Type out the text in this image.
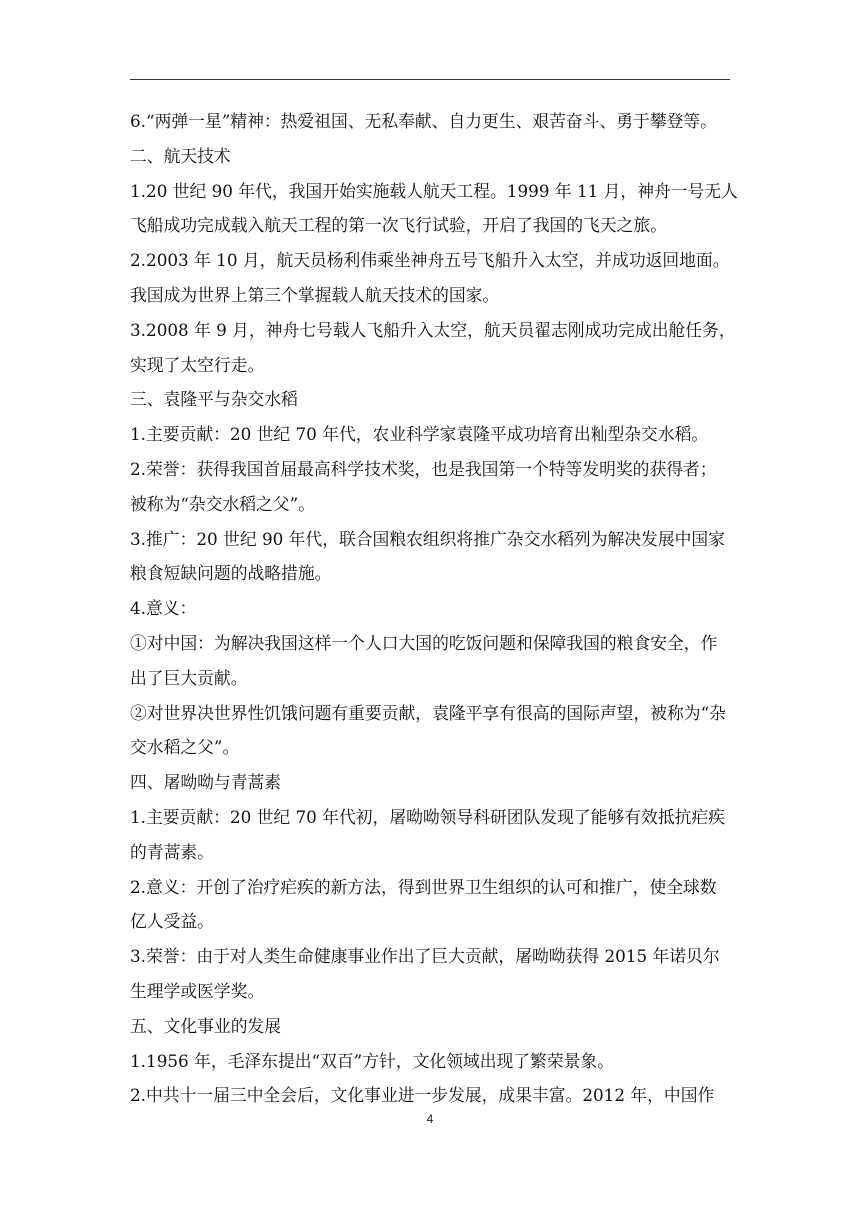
6.“两弹一星”精神：热爱祖国、无私奉献、自力更生、艰苦奋斗、勇于攀登等。
二、航天技术
1.20 世纪 90 年代，我国开始实施载人航天工程。1999 年 11 月，神舟一号无人
飞船成功完成载入航天工程的第一次飞行试验，开启了我国的飞天之旅。
2.2003 年 10 月，航天员杨利伟乘坐神舟五号飞船升入太空，并成功返回地面。
我国成为世界上第三个掌握载人航天技术的国家。
3.2008 年 9 月，神舟七号载人飞船升入太空，航天员翟志刚成功完成出舱任务，
实现了太空行走。
三、袁隆平与杂交水稻
1.主要贡献：20 世纪 70 年代，农业科学家袁隆平成功培育出籼型杂交水稻。
2.荣誉：获得我国首届最高科学技术奖，也是我国第一个特等发明奖的获得者；
被称为“杂交水稻之父”。
3.推广：20 世纪 90 年代，联合国粮农组织将推广杂交水稻列为解决发展中国家
粮食短缺问题的战略措施。
4.意义：
①对中国：为解决我国这样一个人口大国的吃饭问题和保障我国的粮食安全，作
出了巨大贡献。
②对世界决世界性饥饿问题有重要贡献，袁隆平享有很高的国际声望，被称为“杂
交水稻之父”。
四、屠呦呦与青蒿素
1.主要贡献：20 世纪 70 年代初，屠呦呦领导科研团队发现了能够有效抵抗疟疾
的青蒿素。
2.意义：开创了治疗疟疾的新方法，得到世界卫生组织的认可和推广，使全球数
亿人受益。
3.荣誉：由于对人类生命健康事业作出了巨大贡献，屠呦呦获得 2015 年诺贝尔
生理学或医学奖。
五、文化事业的发展
1.1956 年，毛泽东提出“双百”方针，文化领域出现了繁荣景象。
2.中共十一届三中全会后，文化事业进一步发展，成果丰富。2012 年，中国作
4
